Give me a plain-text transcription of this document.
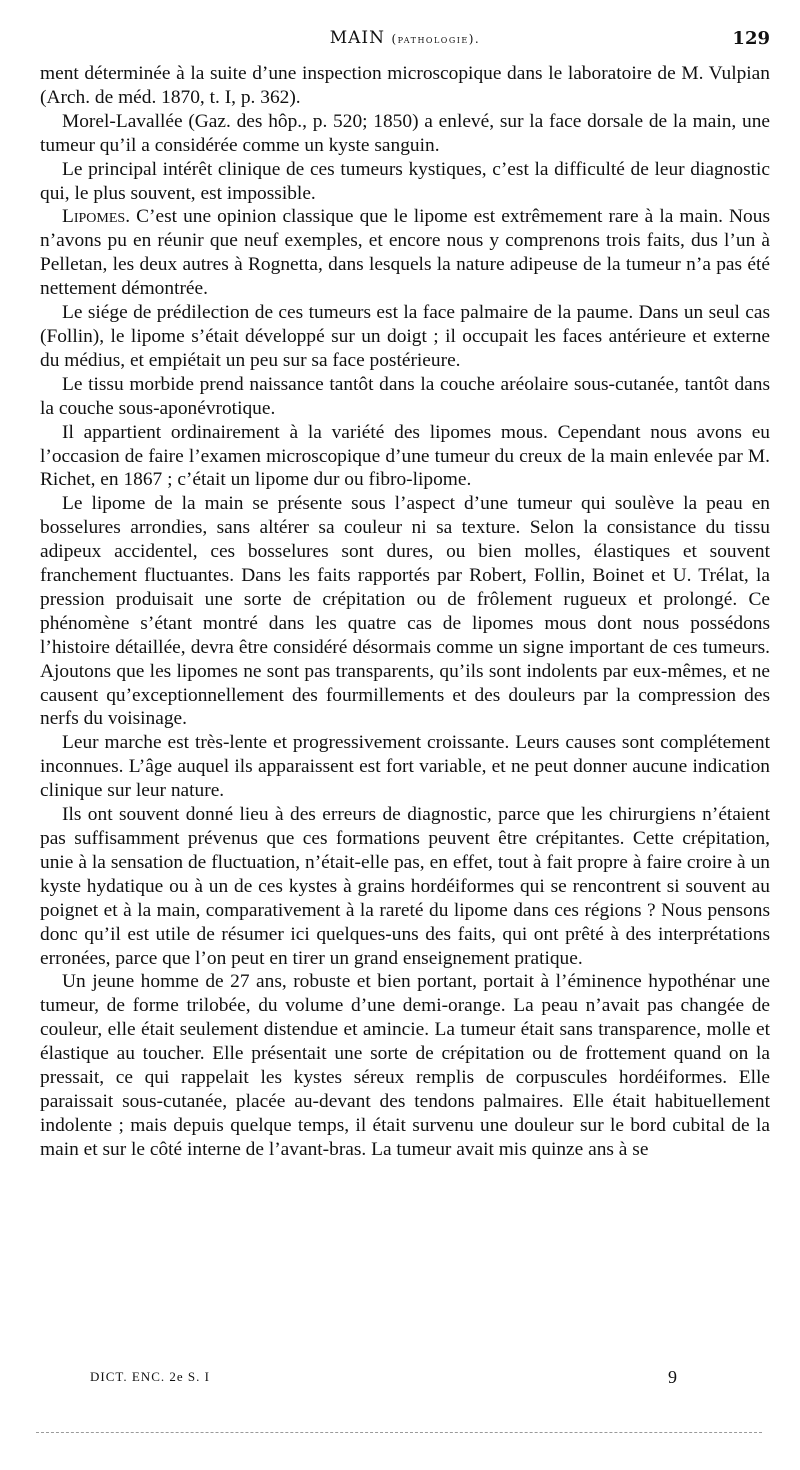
MAIN (pathologie).	129

ment déterminée à la suite d’une inspection microscopique dans le laboratoire de M. Vulpian (Arch. de méd. 1870, t. I, p. 362).

Morel-Lavallée (Gaz. des hôp., p. 520; 1850) a enlevé, sur la face dorsale de la main, une tumeur qu’il a considérée comme un kyste sanguin.

Le principal intérêt clinique de ces tumeurs kystiques, c’est la difficulté de leur diagnostic qui, le plus souvent, est impossible.

Lipomes. C’est une opinion classique que le lipome est extrêmement rare à la main. Nous n’avons pu en réunir que neuf exemples, et encore nous y comprenons trois faits, dus l’un à Pelletan, les deux autres à Rognetta, dans lesquels la nature adipeuse de la tumeur n’a pas été nettement démontrée.

Le siége de prédilection de ces tumeurs est la face palmaire de la paume. Dans un seul cas (Follin), le lipome s’était développé sur un doigt ; il occupait les faces antérieure et externe du médius, et empiétait un peu sur sa face postérieure.

Le tissu morbide prend naissance tantôt dans la couche aréolaire sous-cutanée, tantôt dans la couche sous-aponévrotique.

Il appartient ordinairement à la variété des lipomes mous. Cependant nous avons eu l’occasion de faire l’examen microscopique d’une tumeur du creux de la main enlevée par M. Richet, en 1867 ; c’était un lipome dur ou fibro-lipome.

Le lipome de la main se présente sous l’aspect d’une tumeur qui soulève la peau en bosselures arrondies, sans altérer sa couleur ni sa texture. Selon la consistance du tissu adipeux accidentel, ces bosselures sont dures, ou bien molles, élastiques et souvent franchement fluctuantes. Dans les faits rapportés par Robert, Follin, Boinet et U. Trélat, la pression produisait une sorte de crépitation ou de frôlement rugueux et prolongé. Ce phénomène s’étant montré dans les quatre cas de lipomes mous dont nous possédons l’histoire détaillée, devra être considéré désormais comme un signe important de ces tumeurs. Ajoutons que les lipomes ne sont pas transparents, qu’ils sont indolents par eux-mêmes, et ne causent qu’exceptionnellement des fourmillements et des douleurs par la compression des nerfs du voisinage.

Leur marche est très-lente et progressivement croissante. Leurs causes sont complétement inconnues. L’âge auquel ils apparaissent est fort variable, et ne peut donner aucune indication clinique sur leur nature.

Ils ont souvent donné lieu à des erreurs de diagnostic, parce que les chirurgiens n’étaient pas suffisamment prévenus que ces formations peuvent être crépitantes. Cette crépitation, unie à la sensation de fluctuation, n’était-elle pas, en effet, tout à fait propre à faire croire à un kyste hydatique ou à un de ces kystes à grains hordéiformes qui se rencontrent si souvent au poignet et à la main, comparativement à la rareté du lipome dans ces régions ? Nous pensons donc qu’il est utile de résumer ici quelques-uns des faits, qui ont prêté à des interprétations erronées, parce que l’on peut en tirer un grand enseignement pratique.

Un jeune homme de 27 ans, robuste et bien portant, portait à l’éminence hypothénar une tumeur, de forme trilobée, du volume d’une demi-orange. La peau n’avait pas changée de couleur, elle était seulement distendue et amincie. La tumeur était sans transparence, molle et élastique au toucher. Elle présentait une sorte de crépitation ou de frottement quand on la pressait, ce qui rappelait les kystes séreux remplis de corpuscules hordéiformes. Elle paraissait sous-cutanée, placée au-devant des tendons palmaires. Elle était habituellement indolente ; mais depuis quelque temps, il était survenu une douleur sur le bord cubital de la main et sur le côté interne de l’avant-bras. La tumeur avait mis quinze ans à se

DICT. ENC. 2e S. I	9
